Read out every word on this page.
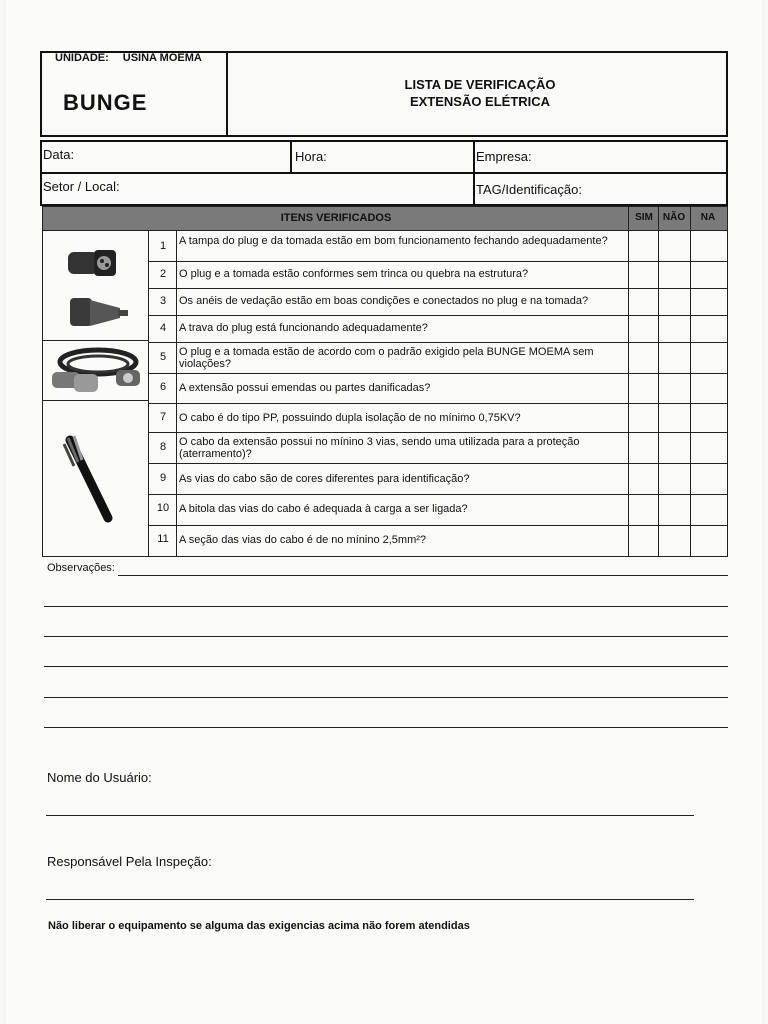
UNIDADE: USINA MOEMA
BUNGE
LISTA DE VERIFICAÇÃO
EXTENSÃO ELÉTRICA
Data:	Hora:	Empresa:
Setor / Local:	TAG/Identificação:
ITENS VERIFICADOS	SIM NÃO	NA
1	A tampa do plug e da tomada estão em bom funcionamento fechando adequadamente?
2	O plug e a tomada estão conformes sem trinca ou quebra na estrutura?
3	Os anéis de vedação estão em boas condições e conectados no plug e na tomada?
4	A trava do plug está funcionando adequadamente?
5	O plug e a tomada estão de acordo com o padrão exigido pela BUNGE MOEMA sem violações?
6	A extensão possui emendas ou partes danificadas?
7	O cabo é do tipo PP, possuindo dupla isolação de no mínimo 0,75KV?
8	O cabo da extensão possui no mínino 3 vias, sendo uma utilizada para a proteção (aterramento)?
9	As vias do cabo são de cores diferentes para identificação?
10 A bitola das vias do cabo é adequada à carga a ser ligada?
11 A seção das vias do cabo é de no mínino 2,5mm²?
Observações:
Nome do Usuário:
Responsável Pela Inspeção:
Não liberar o equipamento se alguma das exigencias acima não forem atendidas
